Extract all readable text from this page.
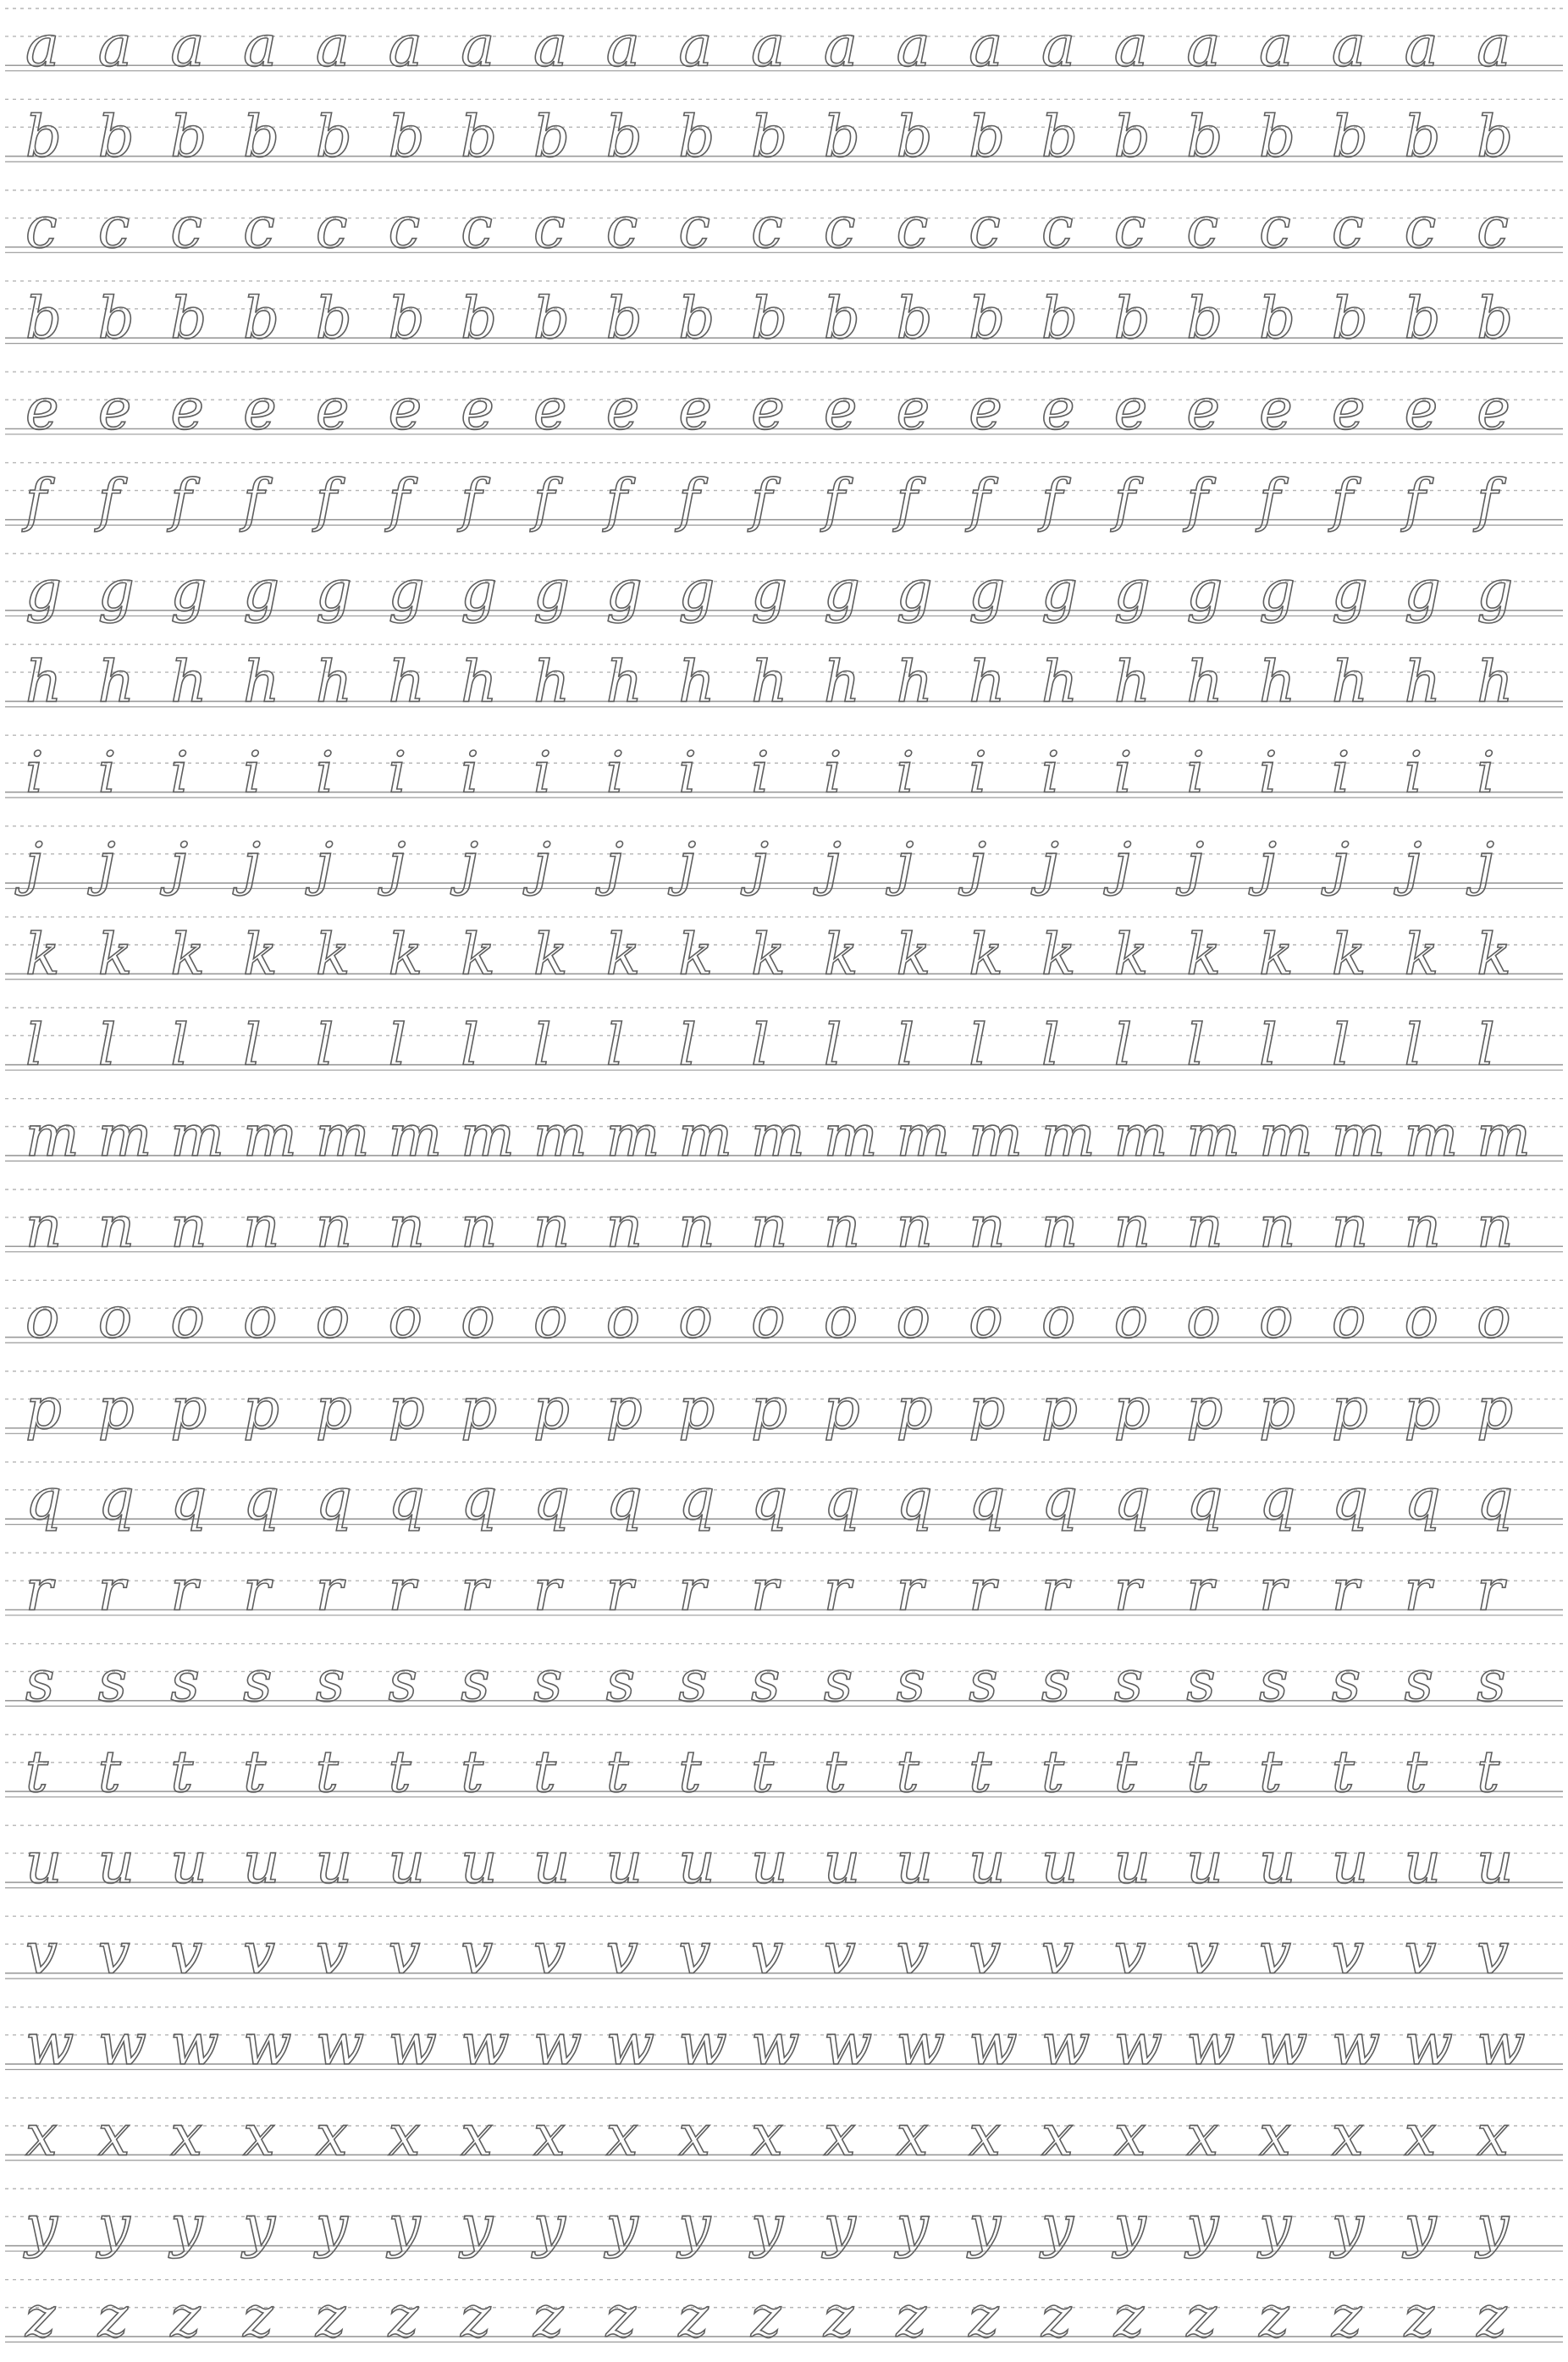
a a a a a a a a a a a a a a a a a a a a a
b b b b b b b b b b b b b b b b b b b b b
c c c c c c c c c c c c c c c c c c c c c
b b b b b b b b b b b b b b b b b b b b b
e e e e e e e e e e e e e e e e e e e e e
f f f f f f f f f f f f f f f f f f f f f
g g g g g g g g g g g g g g g g g g g g g
h h h h h h h h h h h h h h h h h h h h h
i i i i i i i i i i i i i i i i i i i i i
j j j j j j j j j j j j j j j j j j j j j
k k k k k k k k k k k k k k k k k k k k k
l l l l l l l l l l l l l l l l l l l l l
m m m m m m m m m m m m m m m m m m m m m
n n n n n n n n n n n n n n n n n n n n n
o o o o o o o o o o o o o o o o o o o o o
p p p p p p p p p p p p p p p p p p p p p
q q q q q q q q q q q q q q q q q q q q q
r r r r r r r r r r r r r r r r r r r r r
s s s s s s s s s s s s s s s s s s s s s
t t t t t t t t t t t t t t t t t t t t t
u u u u u u u u u u u u u u u u u u u u u
v v v v v v v v v v v v v v v v v v v v v
w w w w w w w w w w w w w w w w w w w w w
x x x x x x x x x x x x x x x x x x x x x
y y y y y y y y y y y y y y y y y y y y y
z z z z z z z z z z z z z z z z z z z z z
